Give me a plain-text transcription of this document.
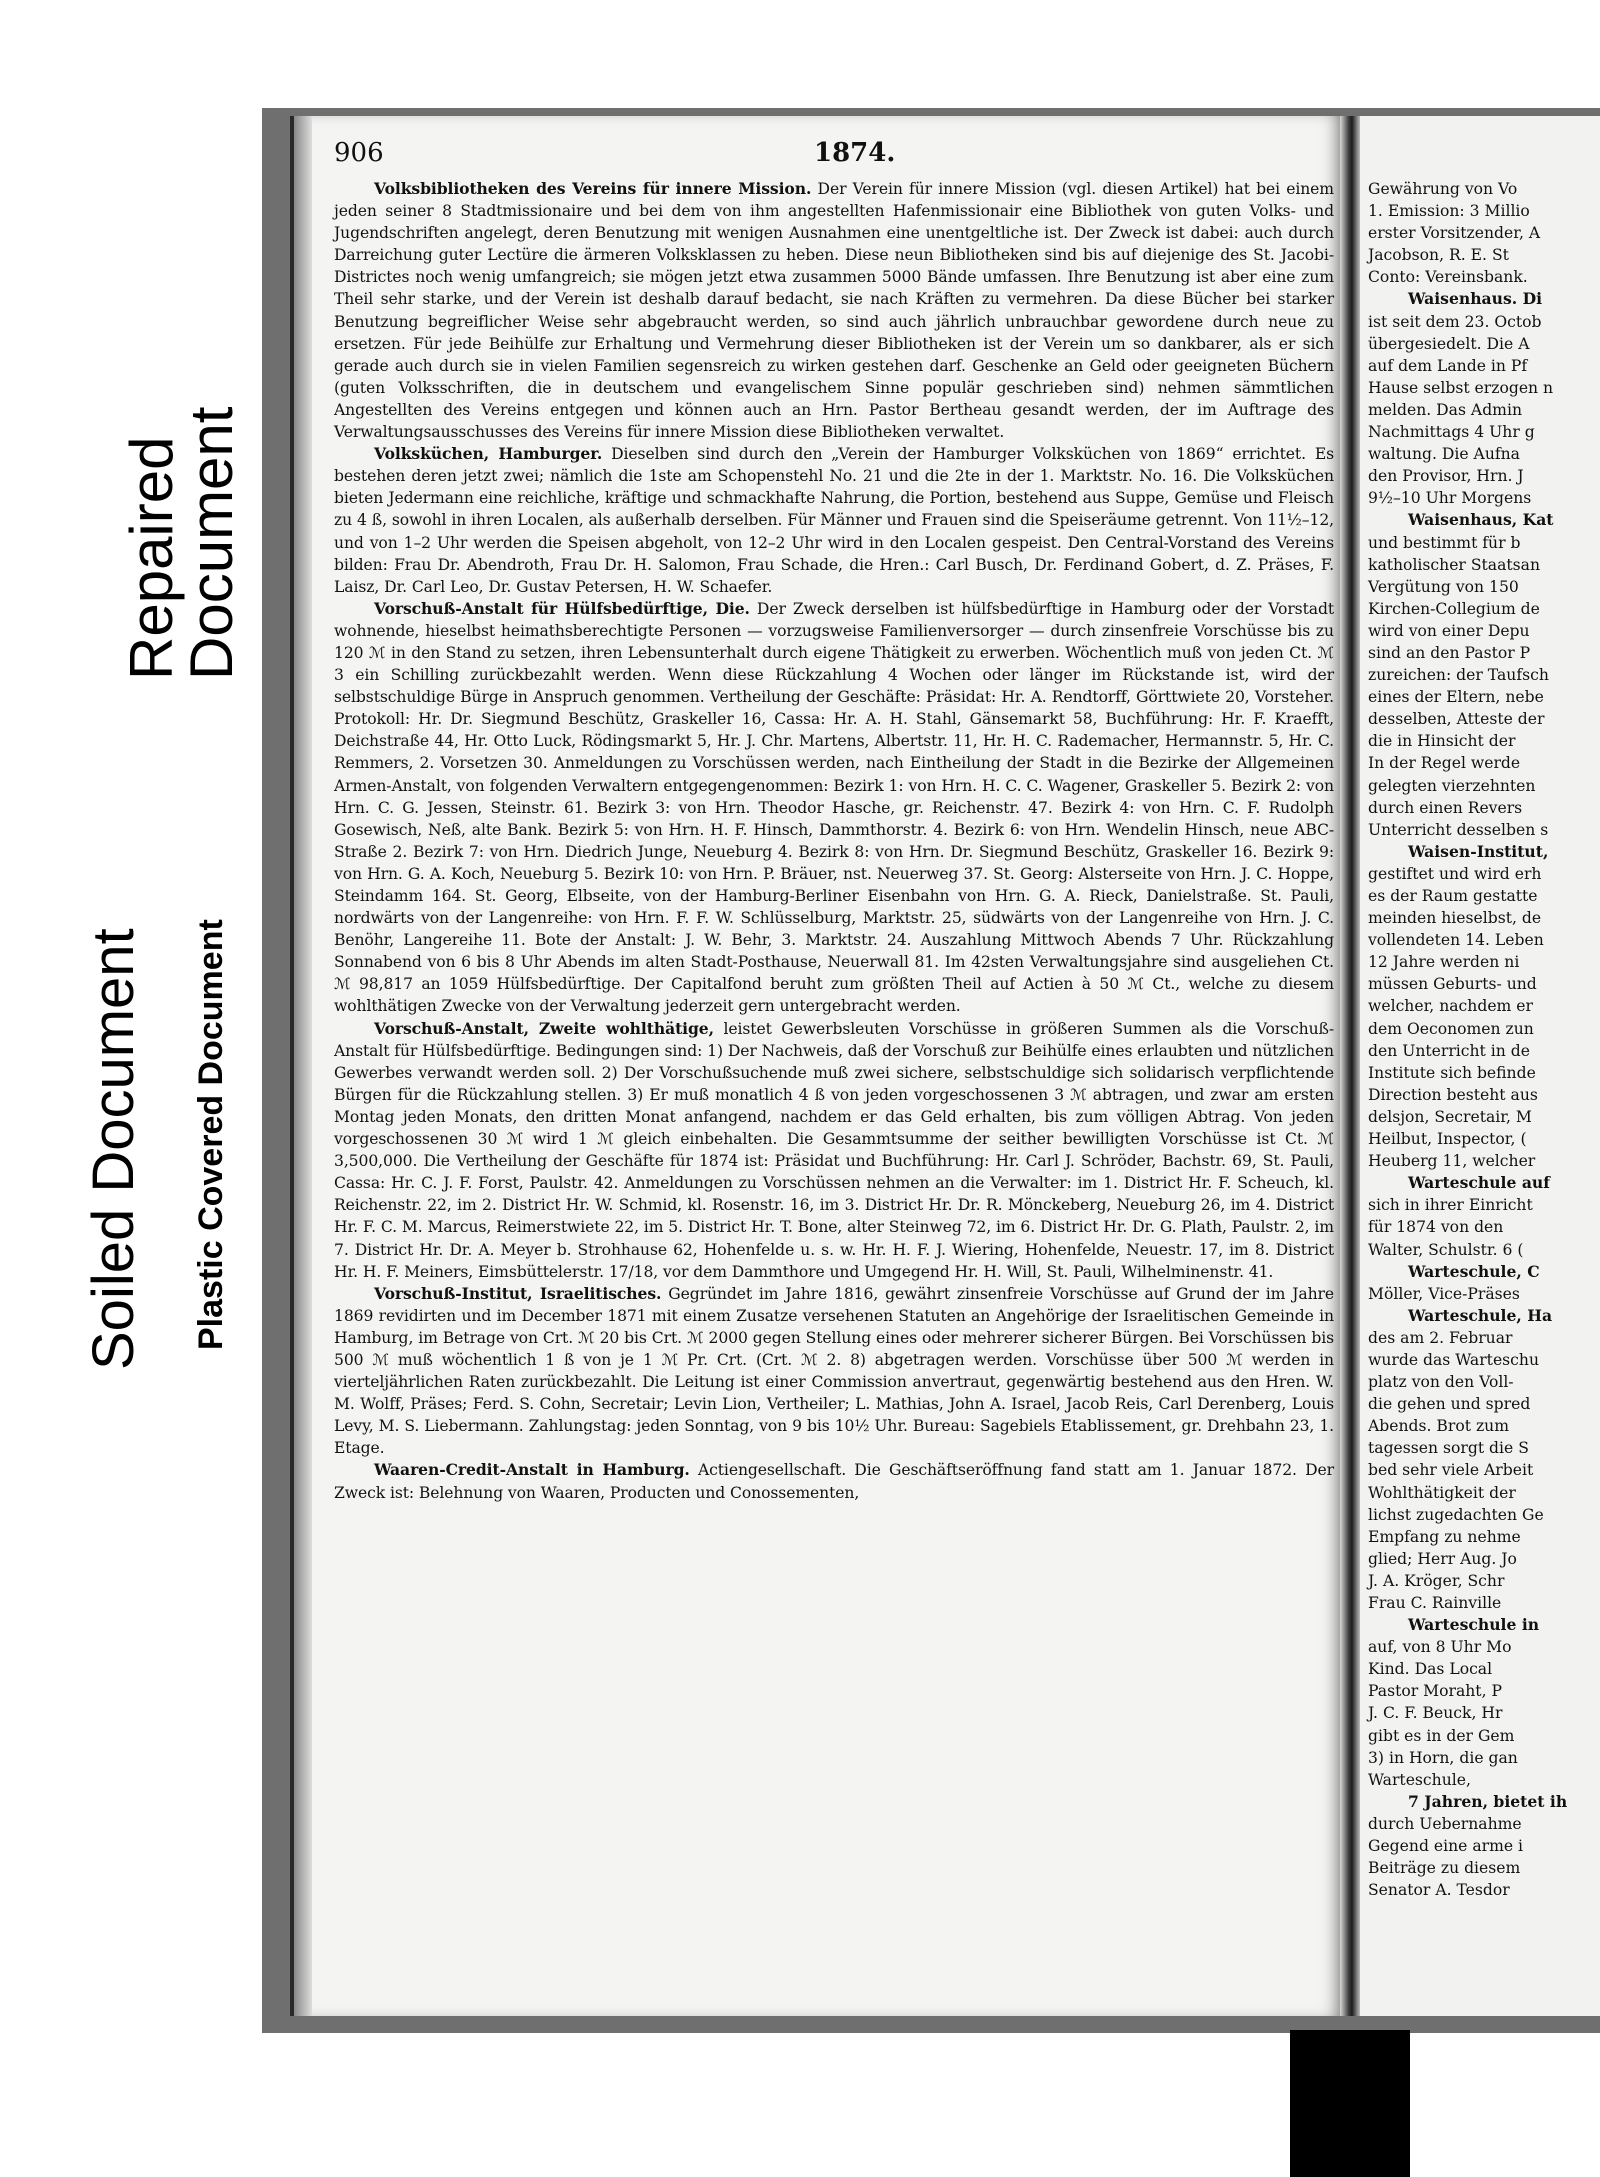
Repaired
Document
Soiled Document Plastic Covered Document
906	1874.

Volksbibliotheken des Vereins für innere Mission. Der Verein für innere Mission (vgl. diesen Artikel) hat bei einem jeden seiner 8 Stadtmissionaire und bei dem von ihm angestellten Hafenmissionair eine Bibliothek von guten Volks- und Jugendschriften angelegt, deren Benutzung mit wenigen Ausnahmen eine unentgeltliche ist. Der Zweck ist dabei: auch durch Darreichung guter Lectüre die ärmeren Volksklassen zu heben. Diese neun Bibliotheken sind bis auf diejenige des St. Jacobi-Districtes noch wenig umfangreich; sie mögen jetzt etwa zusammen 5000 Bände umfassen. Ihre Benutzung ist aber eine zum Theil sehr starke, und der Verein ist deshalb darauf bedacht, sie nach Kräften zu vermehren. Da diese Bücher bei starker Benutzung begreiflicher Weise sehr abgebraucht werden, so sind auch jährlich unbrauchbar gewordene durch neue zu ersetzen. Für jede Beihülfe zur Erhaltung und Vermehrung dieser Bibliotheken ist der Verein um so dankbarer, als er sich gerade auch durch sie in vielen Familien segensreich zu wirken gestehen darf. Geschenke an Geld oder geeigneten Büchern (guten Volksschriften, die in deutschem und evangelischem Sinne populär geschrieben sind) nehmen sämmtlichen Angestellten des Vereins entgegen und können auch an Hrn. Pastor Bertheau gesandt werden, der im Auftrage des Verwaltungsausschusses des Vereins für innere Mission diese Bibliotheken verwaltet.

Volksküchen, Hamburger. Dieselben sind durch den „Verein der Hamburger Volksküchen von 1869“ errichtet. Es bestehen deren jetzt zwei; nämlich die 1ste am Schopenstehl No. 21 und die 2te in der 1. Marktstr. No. 16. Die Volksküchen bieten Jedermann eine reichliche, kräftige und schmackhafte Nahrung, die Portion, bestehend aus Suppe, Gemüse und Fleisch zu 4 ß, sowohl in ihren Localen, als außerhalb derselben. Für Männer und Frauen sind die Speiseräume getrennt. Von 11½–12, und von 1–2 Uhr werden die Speisen abgeholt, von 12–2 Uhr wird in den Localen gespeist. Den Central-Vorstand des Vereins bilden: Frau Dr. Abendroth, Frau Dr. H. Salomon, Frau Schade, die Hren.: Carl Busch, Dr. Ferdinand Gobert, d. Z. Präses, F. Laisz, Dr. Carl Leo, Dr. Gustav Petersen, H. W. Schaefer.

Vorschuß-Anstalt für Hülfsbedürftige, Die. Der Zweck derselben ist hülfsbedürftige in Hamburg oder der Vorstadt wohnende, hieselbst heimathsberechtigte Personen — vorzugsweise Familienversorger — durch zinsenfreie Vorschüsse bis zu 120 ℳ in den Stand zu setzen, ihren Lebensunterhalt durch eigene Thätigkeit zu erwerben. Wöchentlich muß von jeden Ct. ℳ 3 ein Schilling zurückbezahlt werden. Wenn diese Rückzahlung 4 Wochen oder länger im Rückstande ist, wird der selbstschuldige Bürge in Anspruch genommen. Vertheilung der Geschäfte: Präsidat: Hr. A. Rendtorff, Görttwiete 20, Vorsteher. Protokoll: Hr. Dr. Siegmund Beschütz, Graskeller 16, Cassa: Hr. A. H. Stahl, Gänsemarkt 58, Buchführung: Hr. F. Kraefft, Deichstraße 44, Hr. Otto Luck, Rödingsmarkt 5, Hr. J. Chr. Martens, Albertstr. 11, Hr. H. C. Rademacher, Hermannstr. 5, Hr. C. Remmers, 2. Vorsetzen 30. Anmeldungen zu Vorschüssen werden, nach Eintheilung der Stadt in die Bezirke der Allgemeinen Armen-Anstalt, von folgenden Verwaltern entgegengenommen: Bezirk 1: von Hrn. H. C. C. Wagener, Graskeller 5. Bezirk 2: von Hrn. C. G. Jessen, Steinstr. 61. Bezirk 3: von Hrn. Theodor Hasche, gr. Reichenstr. 47. Bezirk 4: von Hrn. C. F. Rudolph Gosewisch, Neß, alte Bank. Bezirk 5: von Hrn. H. F. Hinsch, Dammthorstr. 4. Bezirk 6: von Hrn. Wendelin Hinsch, neue ABC-Straße 2. Bezirk 7: von Hrn. Diedrich Junge, Neueburg 4. Bezirk 8: von Hrn. Dr. Siegmund Beschütz, Graskeller 16. Bezirk 9: von Hrn. G. A. Koch, Neueburg 5. Bezirk 10: von Hrn. P. Bräuer, nst. Neuerweg 37. St. Georg: Alsterseite von Hrn. J. C. Hoppe, Steindamm 164. St. Georg, Elbseite, von der Hamburg-Berliner Eisenbahn von Hrn. G. A. Rieck, Danielstraße. St. Pauli, nordwärts von der Langenreihe: von Hrn. F. F. W. Schlüsselburg, Marktstr. 25, südwärts von der Langenreihe von Hrn. J. C. Benöhr, Langereihe 11. Bote der Anstalt: J. W. Behr, 3. Marktstr. 24. Auszahlung Mittwoch Abends 7 Uhr. Rückzahlung Sonnabend von 6 bis 8 Uhr Abends im alten Stadt-Posthause, Neuerwall 81. Im 42sten Verwaltungsjahre sind ausgeliehen Ct. ℳ 98,817 an 1059 Hülfsbedürftige. Der Capitalfond beruht zum größten Theil auf Actien à 50 ℳ Ct., welche zu diesem wohlthätigen Zwecke von der Verwaltung jederzeit gern untergebracht werden.

Vorschuß-Anstalt, Zweite wohlthätige, leistet Gewerbsleuten Vorschüsse in größeren Summen als die Vorschuß-Anstalt für Hülfsbedürftige. Bedingungen sind: 1) Der Nachweis, daß der Vorschuß zur Beihülfe eines erlaubten und nützlichen Gewerbes verwandt werden soll. 2) Der Vorschußsuchende muß zwei sichere, selbstschuldige sich solidarisch verpflichtende Bürgen für die Rückzahlung stellen. 3) Er muß monatlich 4 ß von jeden vorgeschossenen 3 ℳ abtragen, und zwar am ersten Montag jeden Monats, den dritten Monat anfangend, nachdem er das Geld erhalten, bis zum völligen Abtrag. Von jeden vorgeschossenen 30 ℳ wird 1 ℳ gleich einbehalten. Die Gesammtsumme der seither bewilligten Vorschüsse ist Ct. ℳ 3,500,000. Die Vertheilung der Geschäfte für 1874 ist: Präsidat und Buchführung: Hr. Carl J. Schröder, Bachstr. 69, St. Pauli, Cassa: Hr. C. J. F. Forst, Paulstr. 42. Anmeldungen zu Vorschüssen nehmen an die Verwalter: im 1. District Hr. F. Scheuch, kl. Reichenstr. 22, im 2. District Hr. W. Schmid, kl. Rosenstr. 16, im 3. District Hr. Dr. R. Mönckeberg, Neueburg 26, im 4. District Hr. F. C. M. Marcus, Reimerstwiete 22, im 5. District Hr. T. Bone, alter Steinweg 72, im 6. District Hr. Dr. G. Plath, Paulstr. 2, im 7. District Hr. Dr. A. Meyer b. Strohhause 62, Hohenfelde u. s. w. Hr. H. F. J. Wiering, Hohenfelde, Neuestr. 17, im 8. District Hr. H. F. Meiners, Eimsbüttelerstr. 17/18, vor dem Dammthore und Umgegend Hr. H. Will, St. Pauli, Wilhelminenstr. 41.

Vorschuß-Institut, Israelitisches. Gegründet im Jahre 1816, gewährt zinsenfreie Vorschüsse auf Grund der im Jahre 1869 revidirten und im December 1871 mit einem Zusatze versehenen Statuten an Angehörige der Israelitischen Gemeinde in Hamburg, im Betrage von Crt. ℳ 20 bis Crt. ℳ 2000 gegen Stellung eines oder mehrerer sicherer Bürgen. Bei Vorschüssen bis 500 ℳ muß wöchentlich 1 ß von je 1 ℳ Pr. Crt. (Crt. ℳ 2. 8) abgetragen werden. Vorschüsse über 500 ℳ werden in vierteljährlichen Raten zurückbezahlt. Die Leitung ist einer Commission anvertraut, gegenwärtig bestehend aus den Hren. W. M. Wolff, Präses; Ferd. S. Cohn, Secretair; Levin Lion, Vertheiler; L. Mathias, John A. Israel, Jacob Reis, Carl Derenberg, Louis Levy, M. S. Liebermann. Zahlungstag: jeden Sonntag, von 9 bis 10½ Uhr. Bureau: Sagebiels Etablissement, gr. Drehbahn 23, 1. Etage.

Waaren-Credit-Anstalt in Hamburg. Actiengesellschaft. Die Geschäftseröffnung fand statt am 1. Januar 1872. Der Zweck ist: Belehnung von Waaren, Producten und Conossementen,

Gewährung von Vo
1. Emission: 3 Millio
erster Vorsitzender, A
Jacobson, R. E. St
Conto: Vereinsbank.
Waisenhaus. Di
ist seit dem 23. Octob
übergesiedelt. Die A
auf dem Lande in Pf
Hause selbst erzogen n
melden. Das Admin
Nachmittags 4 Uhr g
waltung. Die Aufna
den Provisor, Hrn. J
9½–10 Uhr Morgens
Waisenhaus, Kat
und bestimmt für b
katholischer Staatsan
Vergütung von 150
Kirchen-Collegium de
wird von einer Depu
sind an den Pastor P
zureichen: der Taufsch
eines der Eltern, nebe
desselben, Atteste der
die in Hinsicht der
In der Regel werde
gelegten vierzehnten
durch einen Revers
Unterricht desselben s
Waisen-Institut,
gestiftet und wird erh
es der Raum gestatte
meinden hieselbst, de
vollendeten 14. Leben
12 Jahre werden ni
müssen Geburts- und
welcher, nachdem er
dem Oeconomen zun
den Unterricht in de
Institute sich befinde
Direction besteht aus
delsjon, Secretair, M
Heilbut, Inspector, (
Heuberg 11, welcher
Warteschule auf
sich in ihrer Einricht
für 1874 von den
Walter, Schulstr. 6 (
Warteschule, C
Möller, Vice-Präses
Warteschule, Ha
des am 2. Februar
wurde das Warteschu
platz von den Voll-
die gehen und spred
Abends. Brot zum
tagessen sorgt die S
bed sehr viele Arbeit
Wohlthätigkeit der
lichst zugedachten Ge
Empfang zu nehme
glied; Herr Aug. Jo
J. A. Kröger, Schr
Frau C. Rainville
Warteschule in
auf, von 8 Uhr Mo
Kind. Das Local
Pastor Moraht, P
J. C. F. Beuck, Hr
gibt es in der Gem
3) in Horn, die gan
Warteschule,
7 Jahren, bietet ih
durch Uebernahme
Gegend eine arme i
Beiträge zu diesem
Senator A. Tesdor
